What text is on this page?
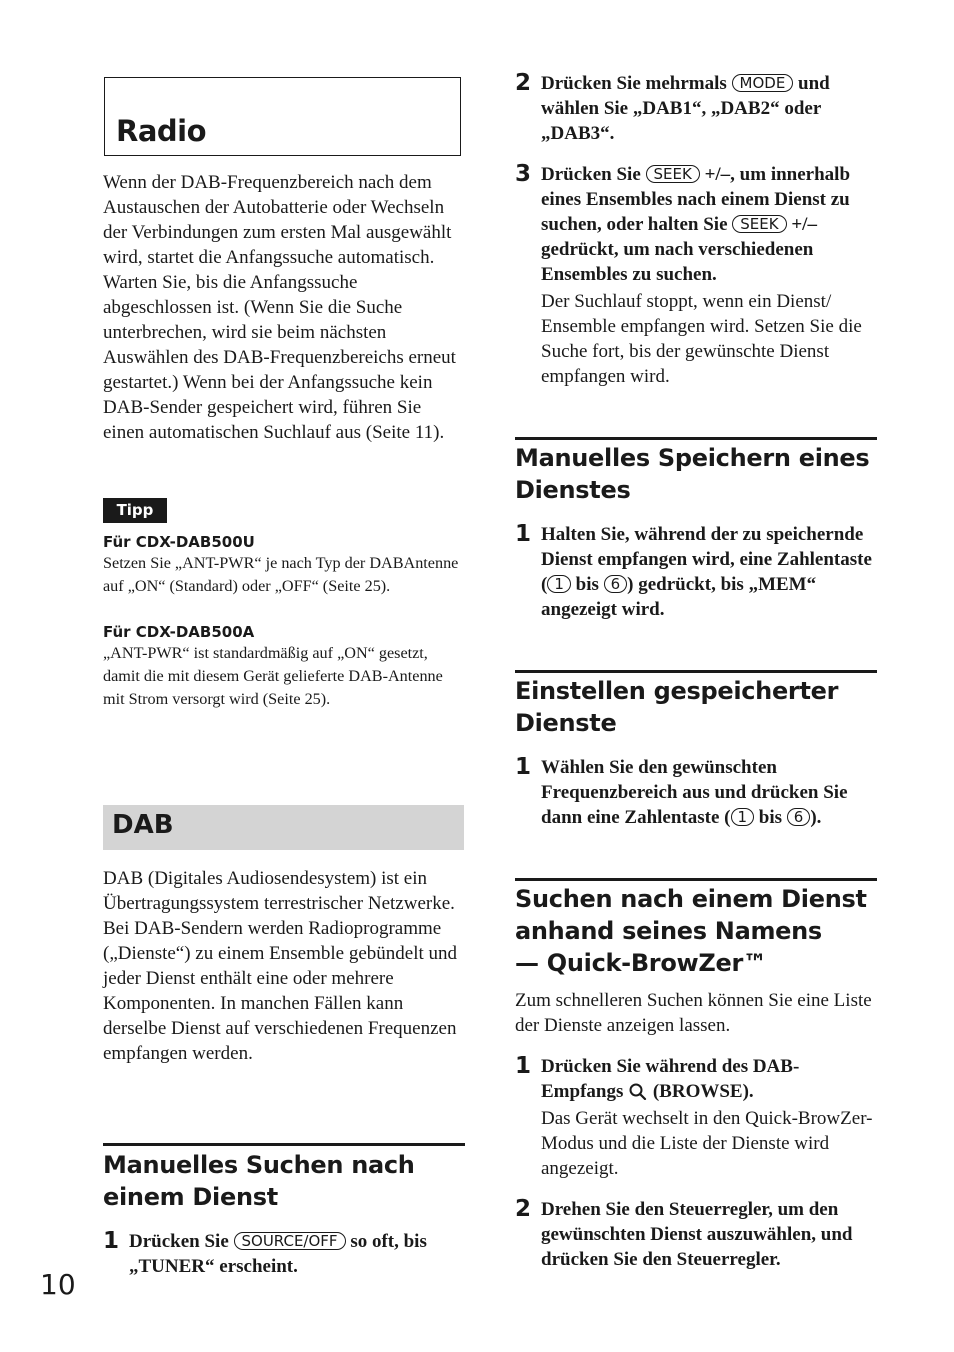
Radio

Wenn der DAB-Frequenzbereich nach dem Austauschen der Autobatterie oder Wechseln der Verbindungen zum ersten Mal ausgewählt wird, startet die Anfangssuche automatisch. Warten Sie, bis die Anfangssuche abgeschlossen ist. (Wenn Sie die Suche unterbrechen, wird sie beim nächsten Auswählen des DAB-Frequenzbereichs erneut gestartet.) Wenn bei der Anfangssuche kein DAB-Sender gespeichert wird, führen Sie einen automatischen Suchlauf aus (Seite 11).

Tipp
Für CDX-DAB500U

Setzen Sie „ANT-PWR“ je nach Typ der DABAntenne auf „ON“ (Standard) oder „OFF“ (Seite 25).

Für CDX-DAB500A

„ANT-PWR“ ist standardmäßig auf „ON“ gesetzt, damit die mit diesem Gerät gelieferte DAB-Antenne mit Strom versorgt wird (Seite 25).

DAB

DAB (Digitales Audiosendesystem) ist ein Übertragungssystem terrestrischer Netzwerke. Bei DAB-Sendern werden Radioprogramme („Dienste“) zu einem Ensemble gebündelt und jeder Dienst enthält eine oder mehrere Komponenten. In manchen Fällen kann derselbe Dienst auf verschiedenen Frequenzen empfangen werden.

Manuelles Suchen nach einem Dienst
1 Drücken Sie SOURCE/OFF so oft, bis „TUNER“ erscheint.

10
2 Drücken Sie mehrmals MODE und wählen Sie „DAB1“, „DAB2“ oder „DAB3“.

3 Drücken Sie SEEK +/–, um innerhalb eines Ensembles nach einem Dienst zu suchen, oder halten Sie SEEK +/– gedrückt, um nach verschiedenen Ensembles zu suchen.

Der Suchlauf stoppt, wenn ein Dienst/ Ensemble empfangen wird. Setzen Sie die Suche fort, bis der gewünschte Dienst empfangen wird.

Manuelles Speichern eines Dienstes
1 Halten Sie, während der zu speichernde Dienst empfangen wird, eine Zahlentaste ( 1 bis 6 ) gedrückt, bis „MEM“ angezeigt wird.

Einstellen gespeicherter Dienste
1 Wählen Sie den gewünschten Frequenzbereich aus und drücken Sie dann eine Zahlentaste ( 1 bis 6 ).

Suchen nach einem Dienst
anhand seines Namens
— Quick-BrowZer™

Zum schnelleren Suchen können Sie eine Liste der Dienste anzeigen lassen.

1 Drücken Sie während des DAB-Empfangs (BROWSE).

Das Gerät wechselt in den Quick-BrowZer-Modus und die Liste der Dienste wird angezeigt.

2 Drehen Sie den Steuerregler, um den gewünschten Dienst auszuwählen, und drücken Sie den Steuerregler.
